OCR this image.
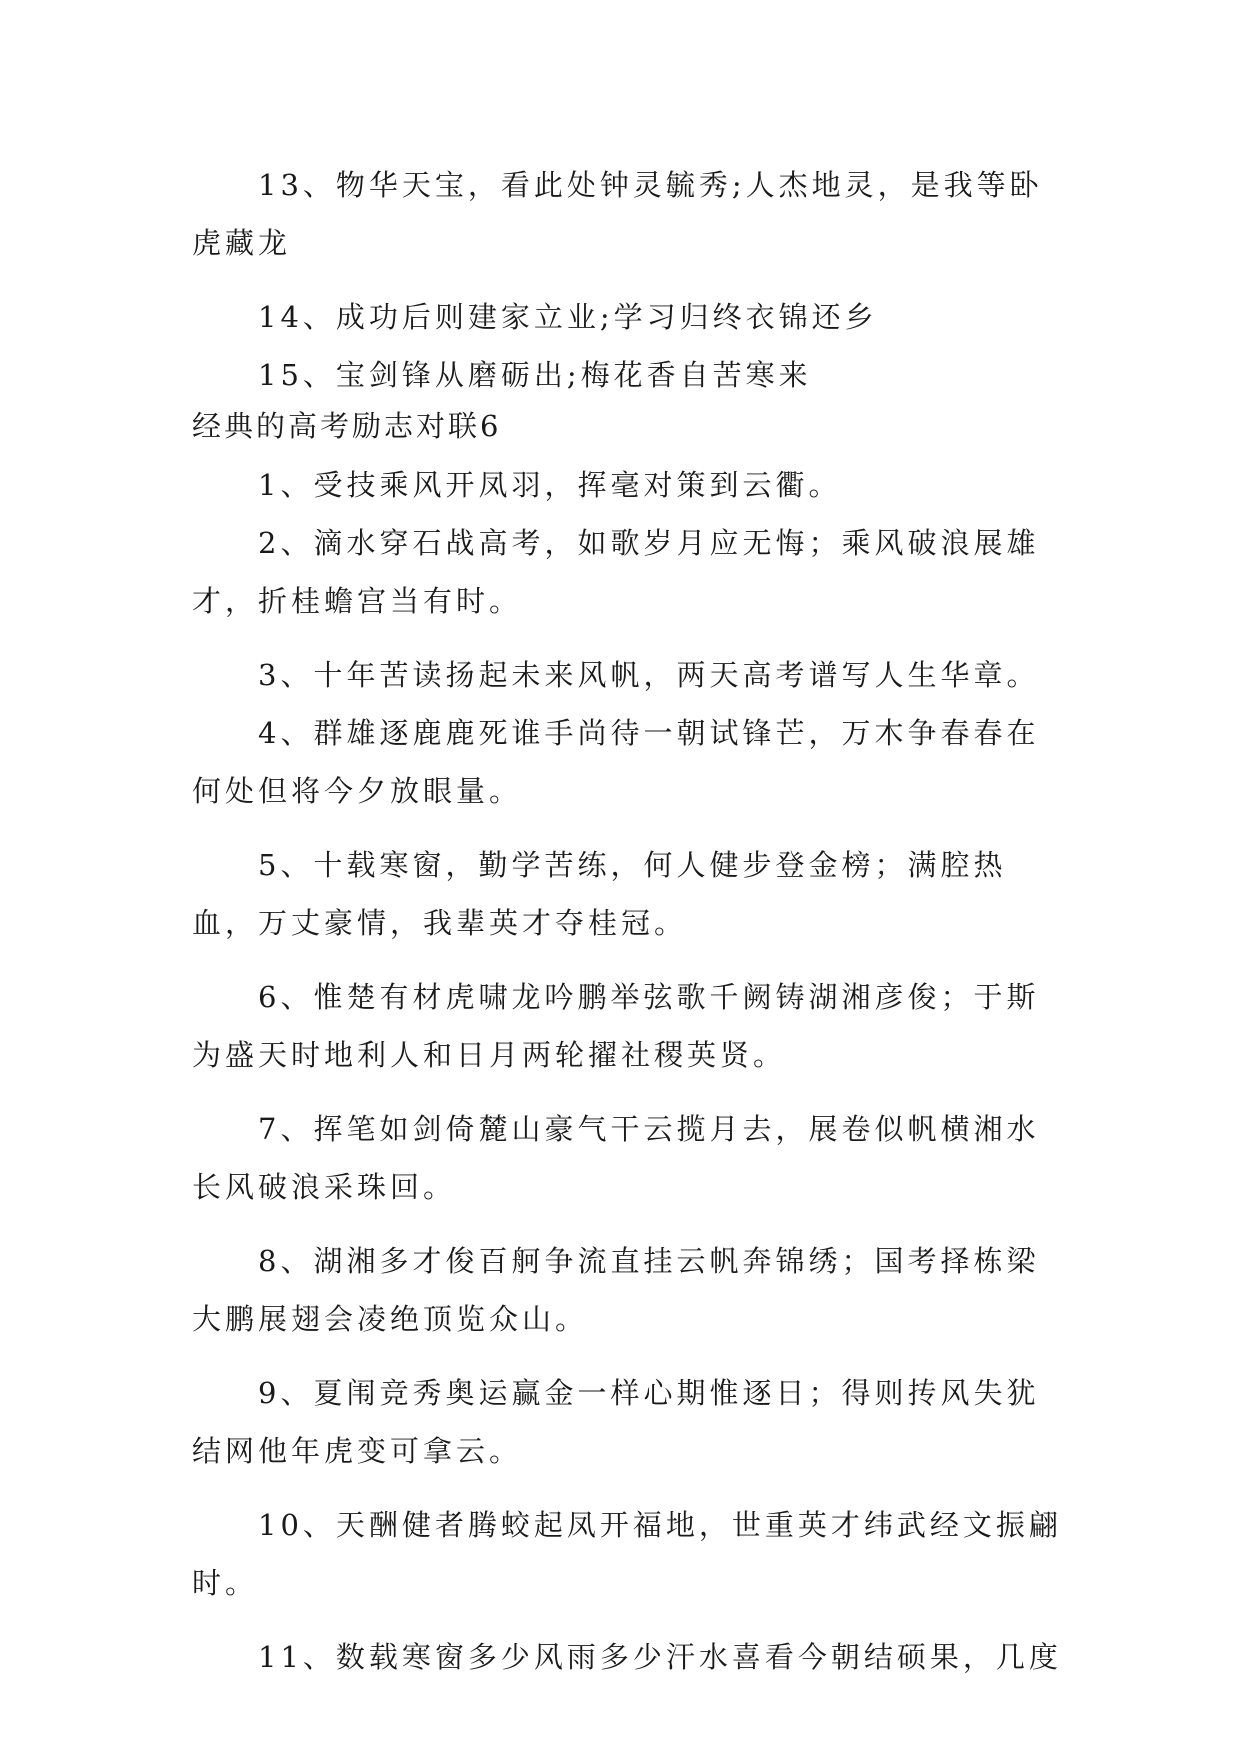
13、物华天宝，看此处钟灵毓秀;人杰地灵，是我等卧虎藏龙

14、成功后则建家立业;学习归终衣锦还乡

15、宝剑锋从磨砺出;梅花香自苦寒来

经典的高考励志对联6

1、受技乘风开凤羽，挥毫对策到云衢。

2、滴水穿石战高考，如歌岁月应无悔；乘风破浪展雄才，折桂蟾宫当有时。

3、十年苦读扬起未来风帆，两天高考谱写人生华章。

4、群雄逐鹿鹿死谁手尚待一朝试锋芒，万木争春春在何处但将今夕放眼量。

5、十载寒窗，勤学苦练，何人健步登金榜；满腔热血，万丈豪情，我辈英才夺桂冠。

6、惟楚有材虎啸龙吟鹏举弦歌千阙铸湖湘彦俊；于斯为盛天时地利人和日月两轮擢社稷英贤。

7、挥笔如剑倚麓山豪气干云揽月去，展卷似帆横湘水长风破浪采珠回。

8、湖湘多才俊百舸争流直挂云帆奔锦绣；国考择栋梁大鹏展翅会凌绝顶览众山。

9、夏闱竞秀奥运赢金一样心期惟逐日；得则抟风失犹结网他年虎变可拿云。

10、天酬健者腾蛟起凤开福地，世重英才纬武经文振翩时。

11、数载寒窗多少风雨多少汗水喜看今朝结硕果，几度
